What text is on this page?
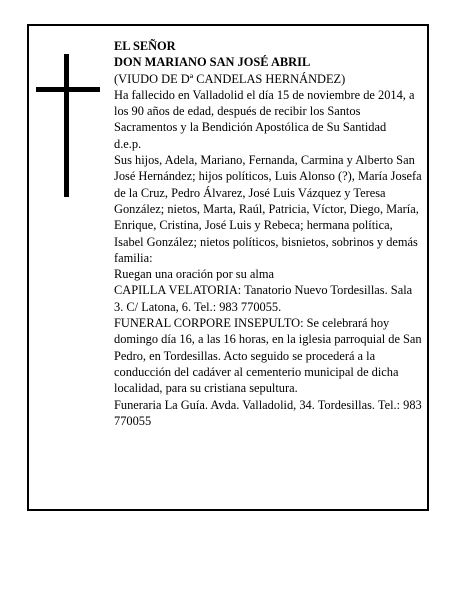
EL SEÑOR

DON MARIANO SAN JOSÉ ABRIL

(VIUDO DE Dª CANDELAS HERNÁNDEZ)

Ha fallecido en Valladolid el día 15 de noviembre de 2014, a los 90 años de edad, después de recibir los Santos Sacramentos y la Bendición Apostólica de Su Santidad

d.e.p.

Sus hijos, Adela, Mariano, Fernanda, Carmina y Alberto San José Hernández; hijos políticos, Luis Alonso (?), María Josefa de la Cruz, Pedro Álvarez, José Luis Vázquez y Teresa González; nietos, Marta, Raúl, Patricia, Víctor, Diego, María, Enrique, Cristina, José Luis y Rebeca; hermana política, Isabel González; nietos políticos, bisnietos, sobrinos y demás familia:

Ruegan una oración por su alma

CAPILLA VELATORIA: Tanatorio Nuevo Tordesillas. Sala 3. C/ Latona, 6. Tel.: 983 770055.

FUNERAL CORPORE INSEPULTO: Se celebrará hoy domingo día 16, a las 16 horas, en la iglesia parroquial de San Pedro, en Tordesillas. Acto seguido se procederá a la conducción del cadáver al cementerio municipal de dicha localidad, para su cristiana sepultura.

Funeraria La Guía. Avda. Valladolid, 34. Tordesillas. Tel.: 983 770055
